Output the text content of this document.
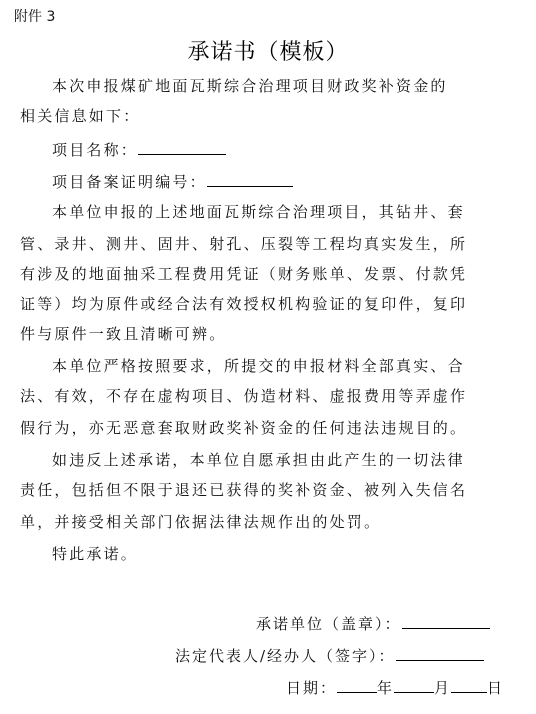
附件 3
承诺书（模板）
本次申报煤矿地面瓦斯综合治理项目财政奖补资金的
相关信息如下：
项目名称：
项目备案证明编号：
本单位申报的上述地面瓦斯综合治理项目，其钻井、套
管、录井、测井、固井、射孔、压裂等工程均真实发生，所
有涉及的地面抽采工程费用凭证（财务账单、发票、付款凭
证等）均为原件或经合法有效授权机构验证的复印件，复印
件与原件一致且清晰可辨。
本单位严格按照要求，所提交的申报材料全部真实、合
法、有效，不存在虚构项目、伪造材料、虚报费用等弄虚作
假行为，亦无恶意套取财政奖补资金的任何违法违规目的。
如违反上述承诺，本单位自愿承担由此产生的一切法律
责任，包括但不限于退还已获得的奖补资金、被列入失信名
单，并接受相关部门依据法律法规作出的处罚。
特此承诺。
承诺单位（盖章）：
法定代表人/经办人（签字）：
日期：	年	月 日
